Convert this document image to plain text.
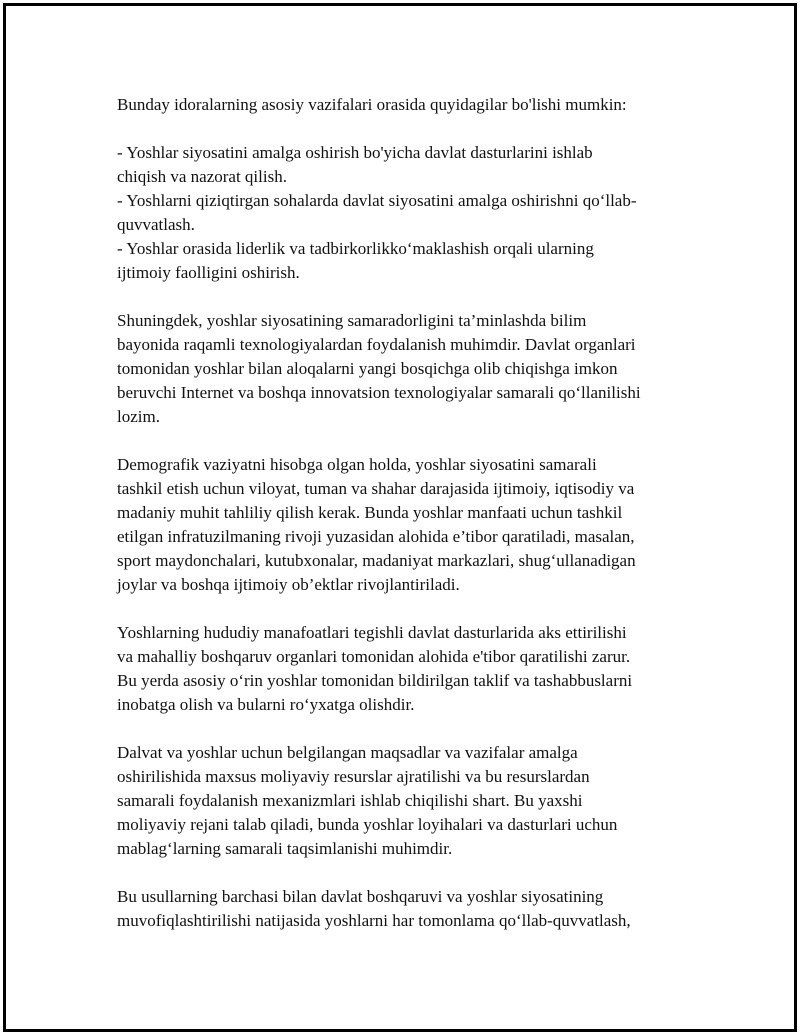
Bunday idoralarning asosiy vazifalari orasida quyidagilar bo'lishi mumkin:
- Yoshlar siyosatini amalga oshirish bo'yicha davlat dasturlarini ishlab
chiqish va nazorat qilish.
- Yoshlarni qiziqtirgan sohalarda davlat siyosatini amalga oshirishni qo‘llab-
quvvatlash.
- Yoshlar orasida liderlik va tadbirkorlikko‘maklashish orqali ularning
ijtimoiy faolligini oshirish.
Shuningdek, yoshlar siyosatining samaradorligini ta’minlashda bilim
bayonida raqamli texnologiyalardan foydalanish muhimdir. Davlat organlari
tomonidan yoshlar bilan aloqalarni yangi bosqichga olib chiqishga imkon
beruvchi Internet va boshqa innovatsion texnologiyalar samarali qo‘llanilishi
lozim.
Demografik vaziyatni hisobga olgan holda, yoshlar siyosatini samarali
tashkil etish uchun viloyat, tuman va shahar darajasida ijtimoiy, iqtisodiy va
madaniy muhit tahliliy qilish kerak. Bunda yoshlar manfaati uchun tashkil
etilgan infratuzilmaning rivoji yuzasidan alohida e’tibor qaratiladi, masalan,
sport maydonchalari, kutubxonalar, madaniyat markazlari, shug‘ullanadigan
joylar va boshqa ijtimoiy ob’ektlar rivojlantiriladi.
Yoshlarning hududiy manafoatlari tegishli davlat dasturlarida aks ettirilishi
va mahalliy boshqaruv organlari tomonidan alohida e'tibor qaratilishi zarur.
Bu yerda asosiy o‘rin yoshlar tomonidan bildirilgan taklif va tashabbuslarni
inobatga olish va bularni ro‘yxatga olishdir.
Dalvat va yoshlar uchun belgilangan maqsadlar va vazifalar amalga
oshirilishida maxsus moliyaviy resurslar ajratilishi va bu resurslardan
samarali foydalanish mexanizmlari ishlab chiqilishi shart. Bu yaxshi
moliyaviy rejani talab qiladi, bunda yoshlar loyihalari va dasturlari uchun
mablag‘larning samarali taqsimlanishi muhimdir.
Bu usullarning barchasi bilan davlat boshqaruvi va yoshlar siyosatining
muvofiqlashtirilishi natijasida yoshlarni har tomonlama qo‘llab-quvvatlash,
